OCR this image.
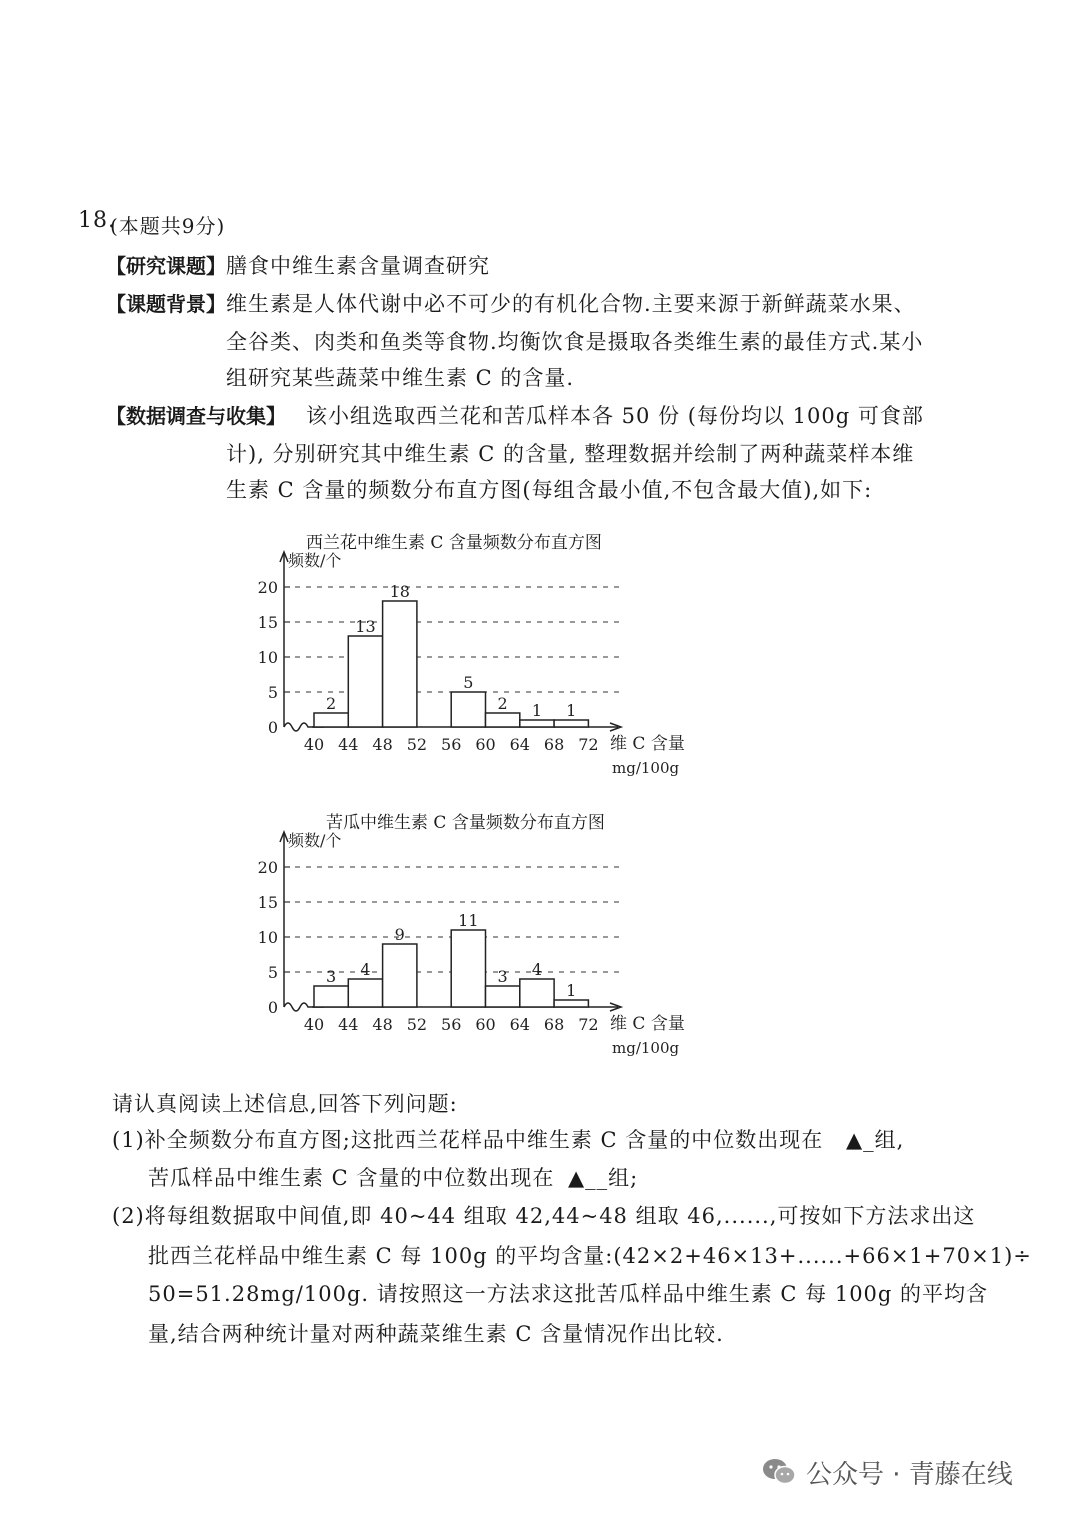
18.
(本题共9分)
【研究课题】 膳食中维生素含量调查研究
【课题背景】 维生素是人体代谢中必不可少的有机化合物.主要来源于新鲜蔬菜水果、
全谷类、肉类和鱼类等食物.均衡饮食是摄取各类维生素的最佳方式.某小
组研究某些蔬菜中维生素 C 的含量.
【数据调查与收集】 该小组选取西兰花和苦瓜样本各 50 份 (每份均以 100g 可食部
计), 分别研究其中维生素 C 的含量, 整理数据并绘制了两种蔬菜样本维
生素 C 含量的频数分布直方图(每组含最小值,不包含最大值),如下:
西兰花中维生素 C 含量频数分布直方图
苦瓜中维生素 C 含量频数分布直方图
频数/个
0
5
10
15
20
2
13
18
5
2 1 1
40 44 48 52 56 60 64 68 72 维 C 含量
mg/100g
频数/个
0
5
10
15
20
3 4
9
11
3 4
1
40 44 48 52 56 60 64 68 72 维 C 含量
mg/100g
请认真阅读上述信息,回答下列问题:
(1)补全频数分布直方图;这批西兰花样品中维生素 C 含量的中位数出现在 ▲_组,
苦瓜样品中维生素 C 含量的中位数出现在 ▲__组;
(2)将每组数据取中间值,即 40~44 组取 42,44~48 组取 46,......,可按如下方法求出这
批西兰花样品中维生素 C 每 100g 的平均含量:(42×2+46×13+......+66×1+70×1)÷
50=51.28mg/100g. 请按照这一方法求这批苦瓜样品中维生素 C 每 100g 的平均含
量,结合两种统计量对两种蔬菜维生素 C 含量情况作出比较.
公众号 · 青藤在线
